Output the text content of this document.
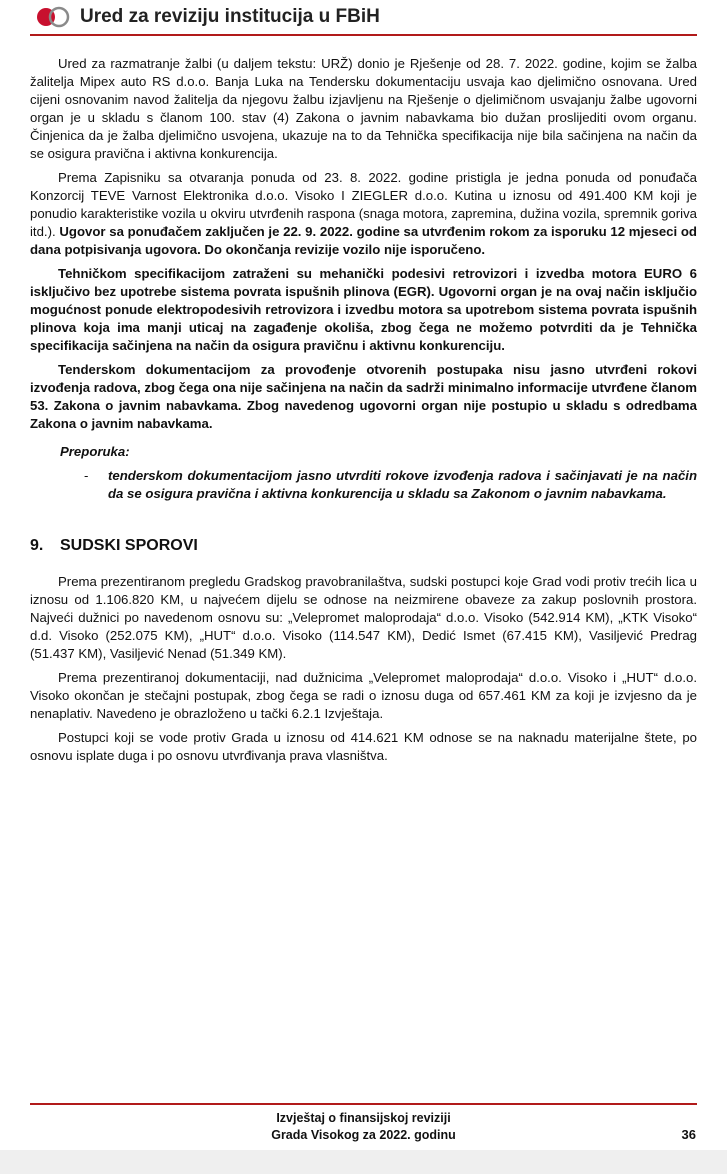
Ured za reviziju institucija u FBiH

Ured za razmatranje žalbi (u daljem tekstu: URŽ) donio je Rješenje od 28. 7. 2022. godine, kojim se žalba žalitelja Mipex auto RS d.o.o. Banja Luka na Tendersku dokumentaciju usvaja kao djelimično osnovana. Ured cijeni osnovanim navod žalitelja da njegovu žalbu izjavljenu na Rješenje o djelimičnom usvajanju žalbe ugovorni organ je u skladu s članom 100. stav (4) Zakona o javnim nabavkama bio dužan proslijediti ovom organu. Činjenica da je žalba djelimično usvojena, ukazuje na to da Tehnička specifikacija nije bila sačinjena na način da se osigura pravična i aktivna konkurencija.

Prema Zapisniku sa otvaranja ponuda od 23. 8. 2022. godine pristigla je jedna ponuda od ponuđača Konzorcij TEVE Varnost Elektronika d.o.o. Visoko I ZIEGLER d.o.o. Kutina u iznosu od 491.400 KM koji je ponudio karakteristike vozila u okviru utvrđenih raspona (snaga motora, zapremina, dužina vozila, spremnik goriva itd.). Ugovor sa ponuđačem zaključen je 22. 9. 2022. godine sa utvrđenim rokom za isporuku 12 mjeseci od dana potpisivanja ugovora. Do okončanja revizije vozilo nije isporučeno.

Tehničkom specifikacijom zatraženi su mehanički podesivi retrovizori i izvedba motora EURO 6 isključivo bez upotrebe sistema povrata ispušnih plinova (EGR). Ugovorni organ je na ovaj način isključio mogućnost ponude elektropodesivih retrovizora i izvedbu motora sa upotrebom sistema povrata ispušnih plinova koja ima manji uticaj na zagađenje okoliša, zbog čega ne možemo potvrditi da je Tehnička specifikacija sačinjena na način da osigura pravičnu i aktivnu konkurenciju.

Tenderskom dokumentacijom za provođenje otvorenih postupaka nisu jasno utvrđeni rokovi izvođenja radova, zbog čega ona nije sačinjena na način da sadrži minimalno informacije utvrđene članom 53. Zakona o javnim nabavkama. Zbog navedenog ugovorni organ nije postupio u skladu s odredbama Zakona o javnim nabavkama.

Preporuka:
- tenderskom dokumentacijom jasno utvrditi rokove izvođenja radova i sačinjavati je na način da se osigura pravična i aktivna konkurencija u skladu sa Zakonom o javnim nabavkama.
9. SUDSKI SPOROVI

Prema prezentiranom pregledu Gradskog pravobranilaštva, sudski postupci koje Grad vodi protiv trećih lica u iznosu od 1.106.820 KM, u najvećem dijelu se odnose na neizmirene obaveze za zakup poslovnih prostora. Najveći dužnici po navedenom osnovu su: „Velepromet maloprodaja“ d.o.o. Visoko (542.914 KM), „KTK Visoko“ d.d. Visoko (252.075 KM), „HUT“ d.o.o. Visoko (114.547 KM), Dedić Ismet (67.415 KM), Vasiljević Predrag (51.437 KM), Vasiljević Nenad (51.349 KM).

Prema prezentiranoj dokumentaciji, nad dužnicima „Velepromet maloprodaja“ d.o.o. Visoko i „HUT“ d.o.o. Visoko okončan je stečajni postupak, zbog čega se radi o iznosu duga od 657.461 KM za koji je izvjesno da je nenaplativ. Navedeno je obrazloženo u tački 6.2.1 Izvještaja.

Postupci koji se vode protiv Grada u iznosu od 414.621 KM odnose se na naknadu materijalne štete, po osnovu isplate duga i po osnovu utvrđivanja prava vlasništva.

Izvještaj o finansijskoj reviziji
Grada Visokog za 2022. godinu	36
